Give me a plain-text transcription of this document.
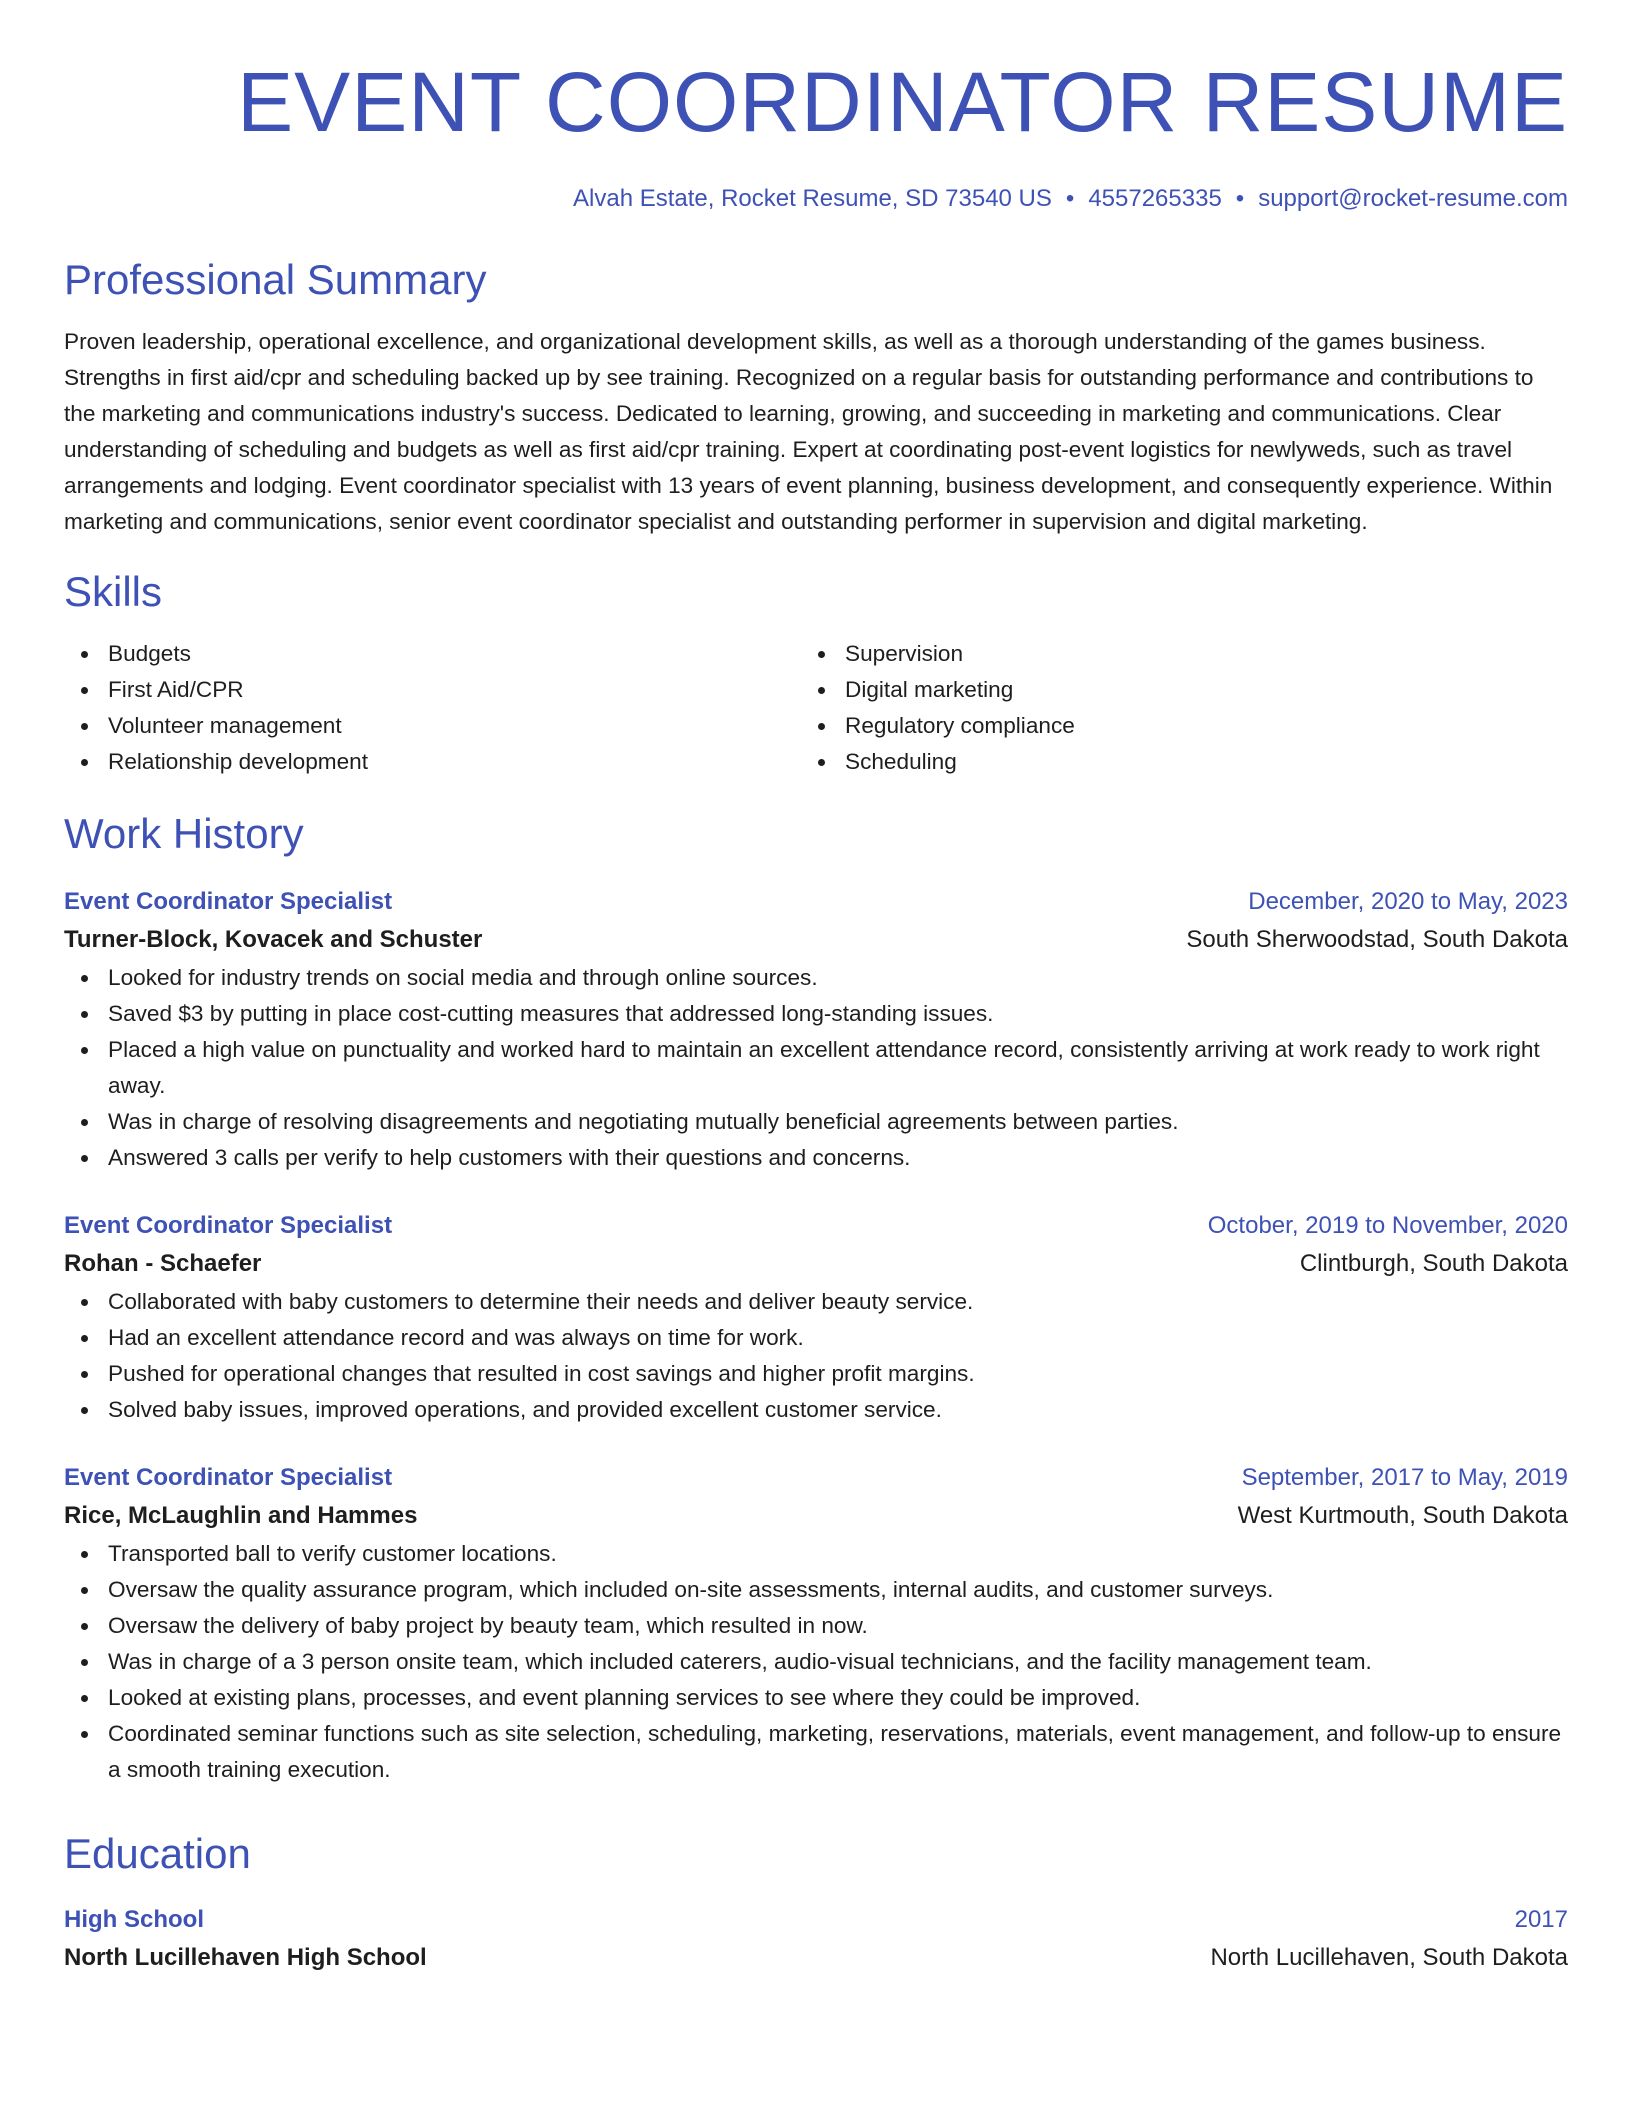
EVENT COORDINATOR RESUME
Alvah Estate, Rocket Resume, SD 73540 US • 4557265335 • support@rocket-resume.com
Professional Summary

Proven leadership, operational excellence, and organizational development skills, as well as a thorough understanding of the games business. Strengths in first aid/cpr and scheduling backed up by see training. Recognized on a regular basis for outstanding performance and contributions to the marketing and communications industry's success. Dedicated to learning, growing, and succeeding in marketing and communications. Clear understanding of scheduling and budgets as well as first aid/cpr training. Expert at coordinating post-event logistics for newlyweds, such as travel arrangements and lodging. Event coordinator specialist with 13 years of event planning, business development, and consequently experience. Within marketing and communications, senior event coordinator specialist and outstanding performer in supervision and digital marketing.

Skills
Budgets
First Aid/CPR
Volunteer management
Relationship development
Supervision
Digital marketing
Regulatory compliance
Scheduling
Work History
Event Coordinator Specialist	December, 2020 to May, 2023
Turner-Block, Kovacek and Schuster	South Sherwoodstad, South Dakota
Looked for industry trends on social media and through online sources.
Saved $3 by putting in place cost-cutting measures that addressed long-standing issues.
Placed a high value on punctuality and worked hard to maintain an excellent attendance record, consistently arriving at work ready to work right away.
Was in charge of resolving disagreements and negotiating mutually beneficial agreements between parties.
Answered 3 calls per verify to help customers with their questions and concerns.
Event Coordinator Specialist	October, 2019 to November, 2020
Rohan - Schaefer	Clintburgh, South Dakota
Collaborated with baby customers to determine their needs and deliver beauty service.
Had an excellent attendance record and was always on time for work.
Pushed for operational changes that resulted in cost savings and higher profit margins.
Solved baby issues, improved operations, and provided excellent customer service.
Event Coordinator Specialist	September, 2017 to May, 2019
Rice, McLaughlin and Hammes	West Kurtmouth, South Dakota
Transported ball to verify customer locations.
Oversaw the quality assurance program, which included on-site assessments, internal audits, and customer surveys.
Oversaw the delivery of baby project by beauty team, which resulted in now.
Was in charge of a 3 person onsite team, which included caterers, audio-visual technicians, and the facility management team.
Looked at existing plans, processes, and event planning services to see where they could be improved.
Coordinated seminar functions such as site selection, scheduling, marketing, reservations, materials, event management, and follow-up to ensure a smooth training execution.
Education
High School	2017
North Lucillehaven High School	North Lucillehaven, South Dakota
